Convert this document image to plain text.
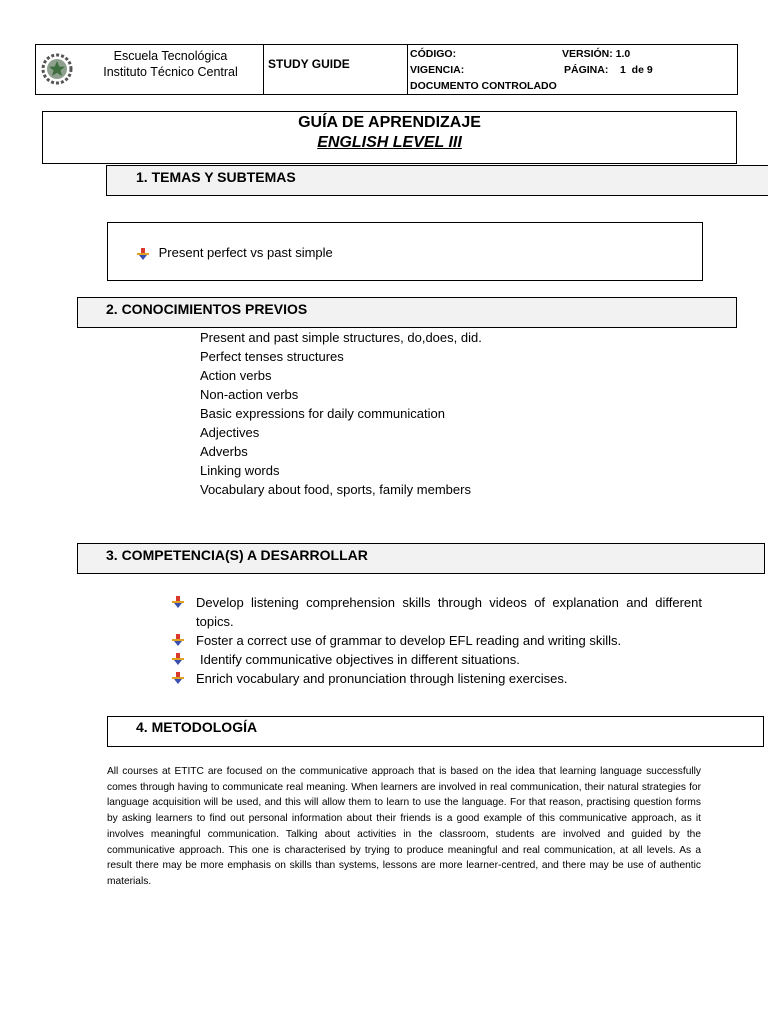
Escuela Tecnológica
Instituto Técnico Central
STUDY GUIDE
CÓDIGO:	VERSIÓN: 1.0
VIGENCIA:	PÁGINA:    1  de 9
DOCUMENTO CONTROLADO
GUÍA DE APRENDIZAJE
ENGLISH LEVEL III
1. TEMAS Y SUBTEMAS
Present perfect vs past simple
2. CONOCIMIENTOS PREVIOS
Present and past simple structures, do,does, did.
Perfect tenses structures
Action verbs
Non-action verbs
Basic expressions for daily communication
Adjectives
Adverbs
Linking words
Vocabulary about food, sports, family members
3. COMPETENCIA(S) A DESARROLLAR
Develop listening comprehension skills through videos of explanation and different topics.
Foster a correct use of grammar to develop EFL reading and writing skills.
Identify communicative objectives in different situations.
Enrich vocabulary and pronunciation through listening exercises.
4. METODOLOGÍA
All courses at ETITC are focused on the communicative approach that is based on the idea that learning language successfully comes through having to communicate real meaning. When learners are involved in real communication, their natural strategies for language acquisition will be used, and this will allow them to learn to use the language. For that reason, practising question forms by asking learners to find out personal information about their friends is a good example of this communicative approach, as it involves meaningful communication. Talking about activities in the classroom, students are involved and guided by the communicative approach. This one is characterised by trying to produce meaningful and real communication, at all levels. As a result there may be more emphasis on skills than systems, lessons are more learner-centred, and there may be use of authentic materials.
